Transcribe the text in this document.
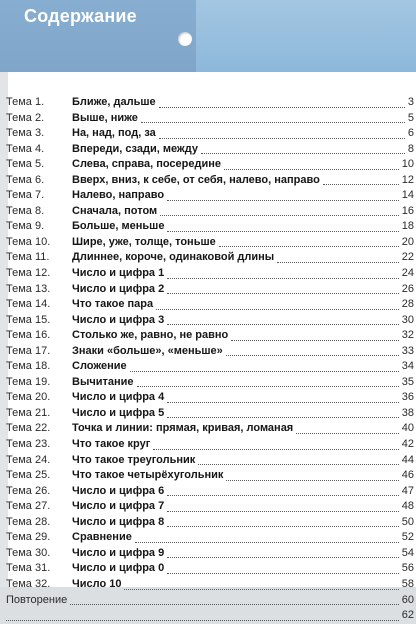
Содержание
Тема 1.	Ближе, дальше	3
Тема 2.	Выше, ниже	5
Тема 3.	На, над, под, за	6
Тема 4.	Впереди, сзади, между	8
Тема 5.	Слева, справа, посередине	10
Тема 6.	Вверх, вниз, к себе, от себя, налево, направо	12
Тема 7.	Налево, направо	14
Тема 8.	Сначала, потом	16
Тема 9.	Больше, меньше	18
Тема 10. Шире, уже, толще, тоньше	20
Тема 11. Длиннее, короче, одинаковой длины	22
Тема 12. Число и цифра 1	24
Тема 13. Число и цифра 2	26
Тема 14. Что такое пара	28
Тема 15. Число и цифра 3	30
Тема 16. Столько же, равно, не равно	32
Тема 17. Знаки «больше», «меньше»	33
Тема 18. Сложение	34
Тема 19. Вычитание	35
Тема 20. Число и цифра 4	36
Тема 21. Число и цифра 5	38
Тема 22. Точка и линии: прямая, кривая, ломаная	40
Тема 23. Что такое круг	42
Тема 24. Что такое треугольник	44
Тема 25. Что такое четырёхугольник	46
Тема 26. Число и цифра 6	47
Тема 27. Число и цифра 7	48
Тема 28. Число и цифра 8	50
Тема 29. Сравнение	52
Тема 30. Число и цифра 9	54
Тема 31. Число и цифра 0	56
Тема 32. Число 10	58
Повторение	60
62
